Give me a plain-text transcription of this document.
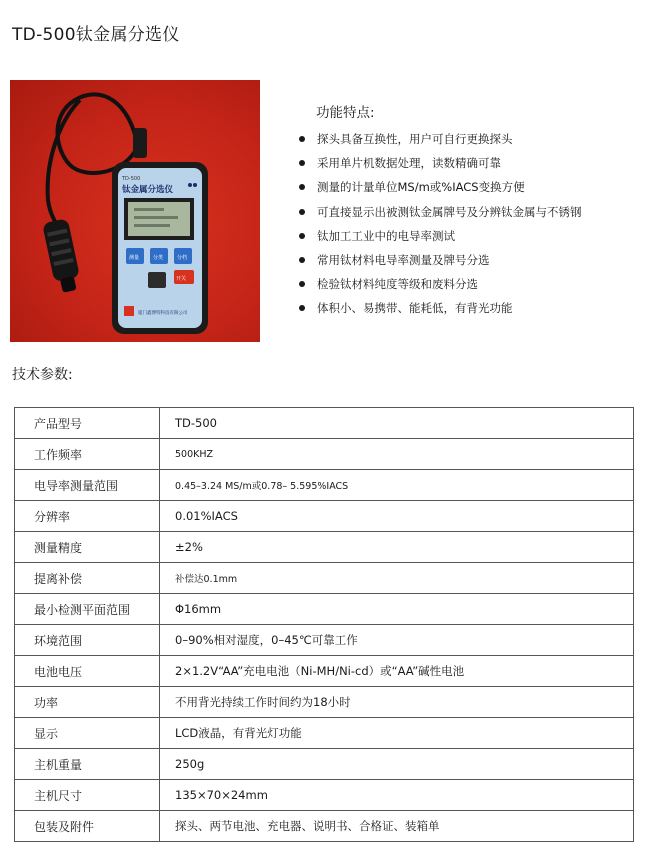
TD-500钛金属分选仪
TD-500
钛金属分选仪
测量	分类	分档
开关
厦门鑫博特科技有限公司
功能特点:
探头具备互换性，用户可自行更换探头
采用单片机数据处理，读数精确可靠
测量的计量单位MS/m或%IACS变换方便
可直接显示出被测钛金属牌号及分辨钛金属与不锈钢
钛加工工业中的电导率测试
常用钛材料电导率测量及牌号分选
检验钛材料纯度等级和废料分选
体积小、易携带、能耗低，有背光功能
技术参数:
产品型号	TD-500
工作频率	500KHZ
电导率测量范围	0.45–3.24 MS/m或0.78– 5.595%IACS
分辨率	0.01%IACS
测量精度	±2%
提离补偿	补偿达0.1mm
最小检测平面范围	Φ16mm
环境范围	0–90%相对湿度，0–45℃可靠工作
电池电压	2×1.2V“AA”充电电池（Ni-MH/Ni-cd）或“AA”碱性电池
功率	不用背光持续工作时间约为18小时
显示	LCD液晶，有背光灯功能
主机重量	250g
主机尺寸	135×70×24mm
包装及附件	探头、两节电池、充电器、说明书、合格证、装箱单
